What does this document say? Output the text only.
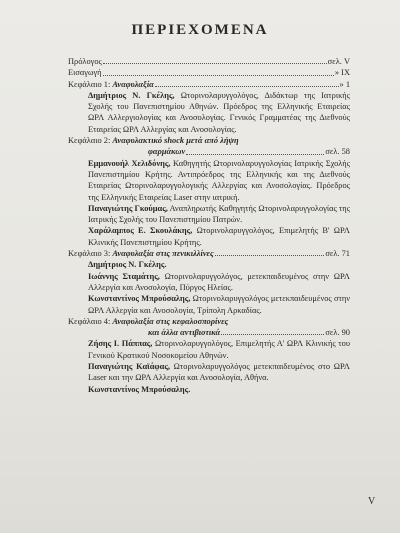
ΠΕΡΙΕΧΟΜΕΝΑ
Πρόλογος	σελ. V
Εισαγωγή	» IX
Κεφάλαιο 1:
Αναφυλαξία	» 1
Δημήτριος Ν. Γκέλης, Ωτορινολαρυγγολόγος, Διδάκτωρ της Ιατρικής Σχολής του Πανεπιστημίου Αθηνών. Πρόεδρος της Ελληνικής Εταιρείας ΩΡΛ Αλλεργιολογίας και Ανοσολογίας. Γενικός Γραμματέας της Διεθνούς Εταιρείας ΩΡΛ Αλλεργίας και Ανοσολογίας.
Κεφάλαιο 2:
Αναφυλακτικό shock μετά από λήψη
φαρμάκων	σελ. 58
Εμμανουήλ Χελιδόνης, Καθηγητής Ωτορινολαρυγγολογίας Ιατρικής Σχολής Πανεπιστημίου Κρήτης. Αντιπρόεδρος της Ελληνικής και της Διεθνούς Εταιρείας Ωτορινολαρυγγολογικής Αλλεργίας και Ανοσολογίας. Πρόεδρος της Ελληνικής Εταιρείας Laser στην ιατρική.
Παναγιώτης Γκούμας, Αναπληρωτής Καθηγητής Ωτορινολαρυγγολογίας της Ιατρικής Σχολής του Πανεπιστημίου Πατρών.
Χαράλαμπος Ε. Σκουλάκης, Ωτορινολαρυγγολόγος, Επιμελητής Β' ΩΡΛ Κλινικής Πανεπιστημίου Κρήτης.
Κεφάλαιο 3:
Αναφυλαξία στις πενικιλλίνες	σελ. 71
Δημήτριος Ν. Γκέλης.
Ιωάννης Σταμάτης, Ωτορινολαρυγγολόγος, μετεκπαιδευμένος στην ΩΡΛ Αλλεργία και Ανοσολογία, Πύργος Ηλείας.
Κωνσταντίνος Μπρούσαλης, Ωτορινολαρυγγολόγος μετεκπαιδευμένος στην ΩΡΛ Αλλεργία και Ανοσολογία, Τρίπολη Αρκαδίας.
Κεφάλαιο 4:
Αναφυλαξία στις κεφαλοσπορίνες
και άλλα αντιβιοτικά	σελ. 90
Ζήσης Ι. Πάππας, Ωτορινολαρυγγολόγος, Επιμελητής Α' ΩΡΛ Κλινικής του Γενικού Κρατικού Νοσοκομείου Αθηνών.
Παναγιώτης Καϊάφας, Ωτορινολαρυγγολόγος μετεκπαιδευμένος στο ΩΡΛ Laser και την ΩΡΛ Αλλεργία και Ανοσολογία, Αθήνα.
Κωνσταντίνος Μπρούσαλης.
V
